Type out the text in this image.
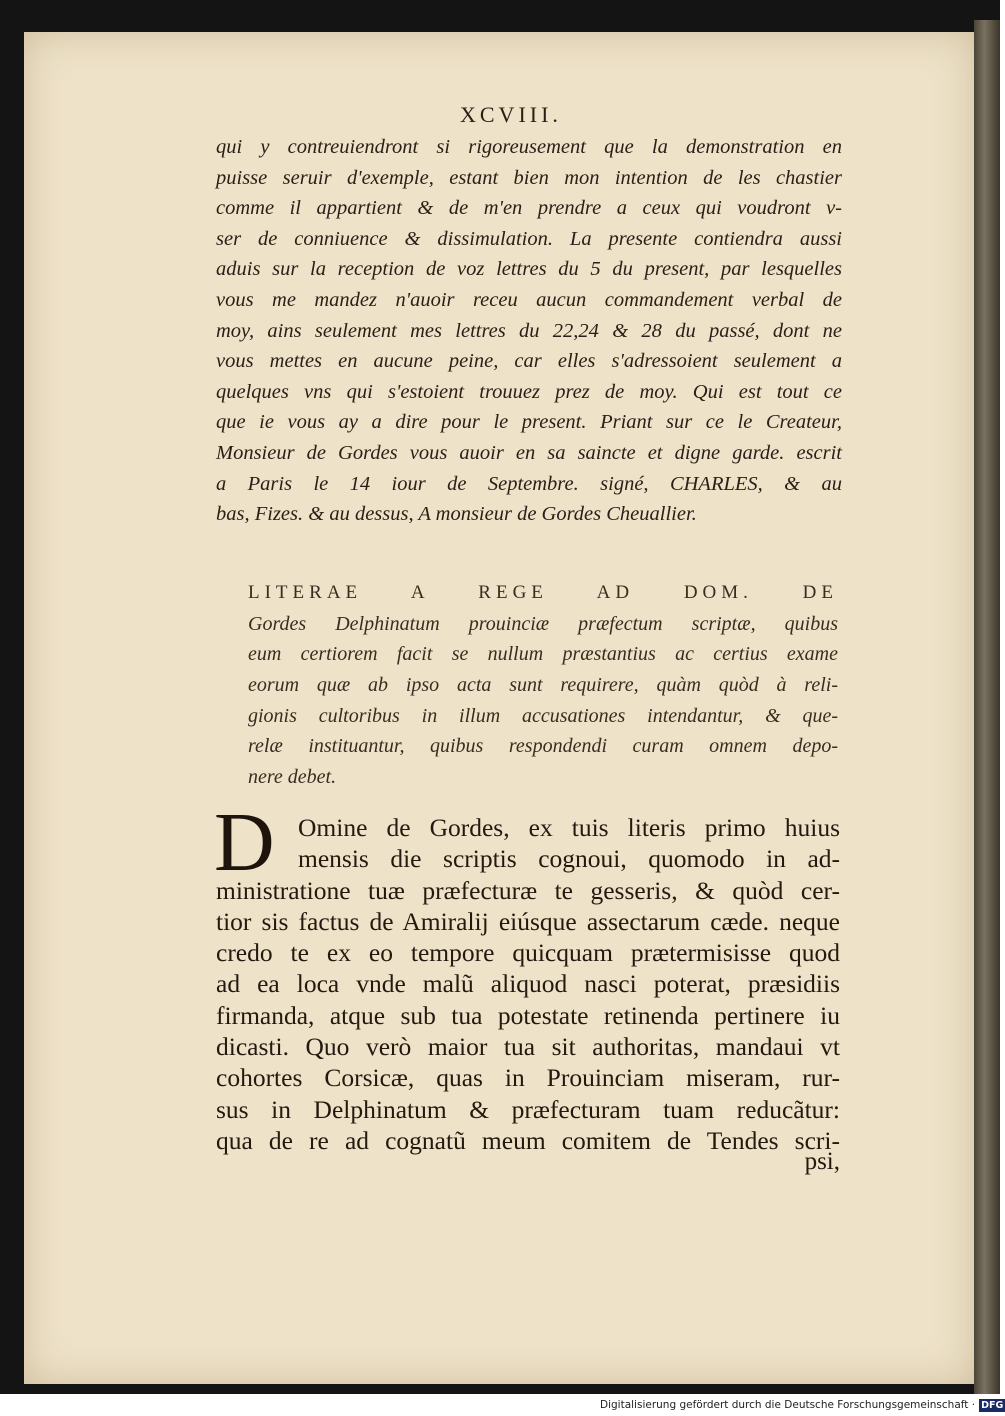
XCVIII.
qui y contreuiendront si rigoreusement que la demonstration en
puisse seruir d'exemple, estant bien mon intention de les chastier
comme il appartient & de m'en prendre a ceux qui voudront v-
ser de conniuence & dissimulation. La presente contiendra aussi
aduis sur la reception de voz lettres du 5 du present, par lesquelles
vous me mandez n'auoir receu aucun commandement verbal de
moy, ains seulement mes lettres du 22,24 & 28 du passé, dont ne
vous mettes en aucune peine, car elles s'adressoient seulement a
quelques vns qui s'estoient trouuez prez de moy. Qui est tout ce
que ie vous ay a dire pour le present. Priant sur ce le Createur,
Monsieur de Gordes vous auoir en sa saincte et digne garde. escrit
a Paris le 14 iour de Septembre. signé, CHARLES, & au
bas, Fizes. & au dessus, A monsieur de Gordes Cheuallier.
LITERAE A REGE AD DOM. DE
Gordes Delphinatum prouinciæ præfectum scriptæ, quibus
eum certiorem facit se nullum præstantius ac certius exame
eorum quæ ab ipso acta sunt requirere, quàm quòd à reli-
gionis cultoribus in illum accusationes intendantur, & que-
relæ instituantur, quibus respondendi curam omnem depo-
nere debet.
D Omine de Gordes, ex tuis literis primo huius
mensis die scriptis cognoui, quomodo in ad-
ministratione tuæ præfecturæ te gesseris, & quòd cer-
tior sis factus de Amiralij eiúsque assectarum cæde. neque
credo te ex eo tempore quicquam prætermisisse quod
ad ea loca vnde malũ aliquod nasci poterat, præsidiis
firmanda, atque sub tua potestate retinenda pertinere iu
dicasti. Quo verò maior tua sit authoritas, mandaui vt
cohortes Corsicæ, quas in Prouinciam miseram, rur-
sus in Delphinatum & præfecturam tuam reducãtur:
qua de re ad cognatũ meum comitem de Tendes scri-
psi,
Digitalisierung gefördert durch die Deutsche Forschungsgemeinschaft · DFG
